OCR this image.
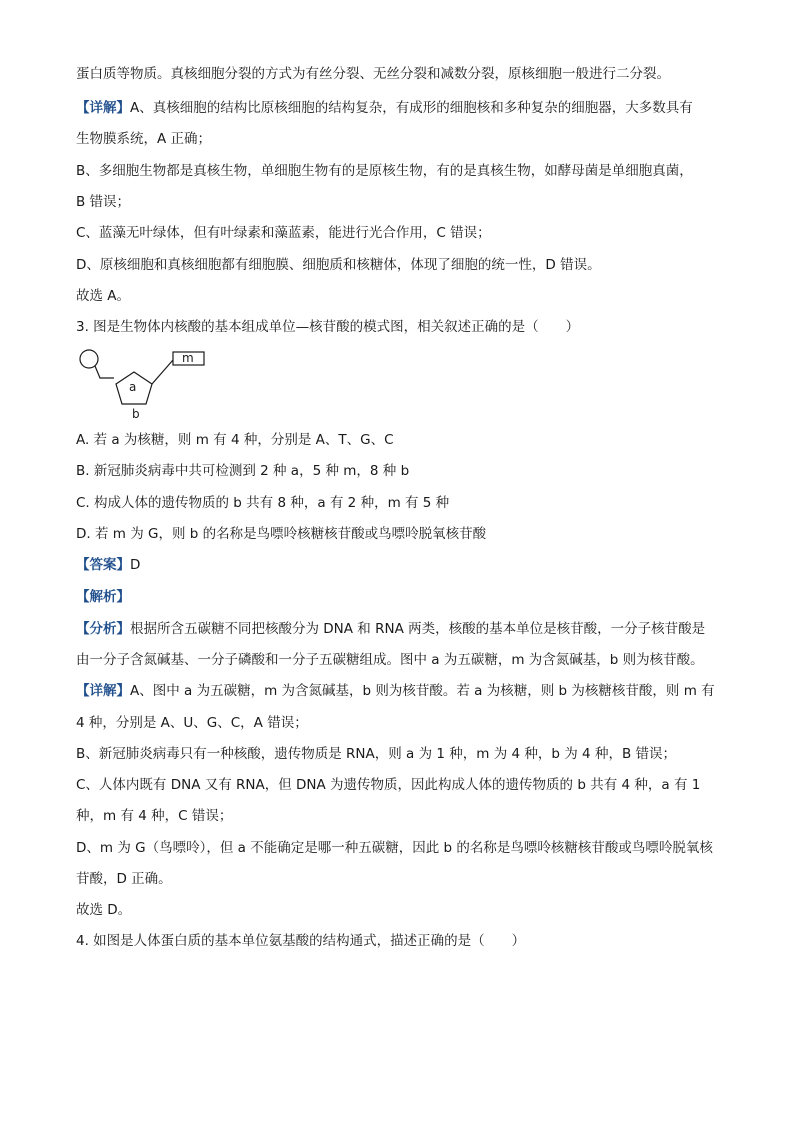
蛋白质等物质。真核细胞分裂的方式为有丝分裂、无丝分裂和减数分裂，原核细胞一般进行二分裂。
【详解】A、真核细胞的结构比原核细胞的结构复杂，有成形的细胞核和多种复杂的细胞器，大多数具有
生物膜系统，A 正确；
B、多细胞生物都是真核生物，单细胞生物有的是原核生物，有的是真核生物，如酵母菌是单细胞真菌，
B 错误；
C、蓝藻无叶绿体，但有叶绿素和藻蓝素，能进行光合作用，C 错误；
D、原核细胞和真核细胞都有细胞膜、细胞质和核糖体，体现了细胞的统一性，D 错误。
故选 A。
3. 图是生物体内核酸的基本组成单位—核苷酸的模式图，相关叙述正确的是（　　）
a
m
b
A. 若 a 为核糖，则 m 有 4 种，分别是 A、T、G、C
B. 新冠肺炎病毒中共可检测到 2 种 a，5 种 m，8 种 b
C. 构成人体的遗传物质的 b 共有 8 种，a 有 2 种，m 有 5 种
D. 若 m 为 G，则 b 的名称是鸟嘌呤核糖核苷酸或鸟嘌呤脱氧核苷酸
【答案】D
【解析】
【分析】根据所含五碳糖不同把核酸分为 DNA 和 RNA 两类，核酸的基本单位是核苷酸，一分子核苷酸是
由一分子含氮碱基、一分子磷酸和一分子五碳糖组成。图中 a 为五碳糖，m 为含氮碱基，b 则为核苷酸。
【详解】A、图中 a 为五碳糖，m 为含氮碱基，b 则为核苷酸。若 a 为核糖，则 b 为核糖核苷酸，则 m 有
4 种，分别是 A、U、G、C，A 错误；
B、新冠肺炎病毒只有一种核酸，遗传物质是 RNA，则 a 为 1 种，m 为 4 种，b 为 4 种，B 错误；
C、人体内既有 DNA 又有 RNA，但 DNA 为遗传物质，因此构成人体的遗传物质的 b 共有 4 种，a 有 1
种，m 有 4 种，C 错误；
D、m 为 G（鸟嘌呤），但 a 不能确定是哪一种五碳糖，因此 b 的名称是鸟嘌呤核糖核苷酸或鸟嘌呤脱氧核
苷酸，D 正确。
故选 D。
4. 如图是人体蛋白质的基本单位氨基酸的结构通式，描述正确的是（　　）
